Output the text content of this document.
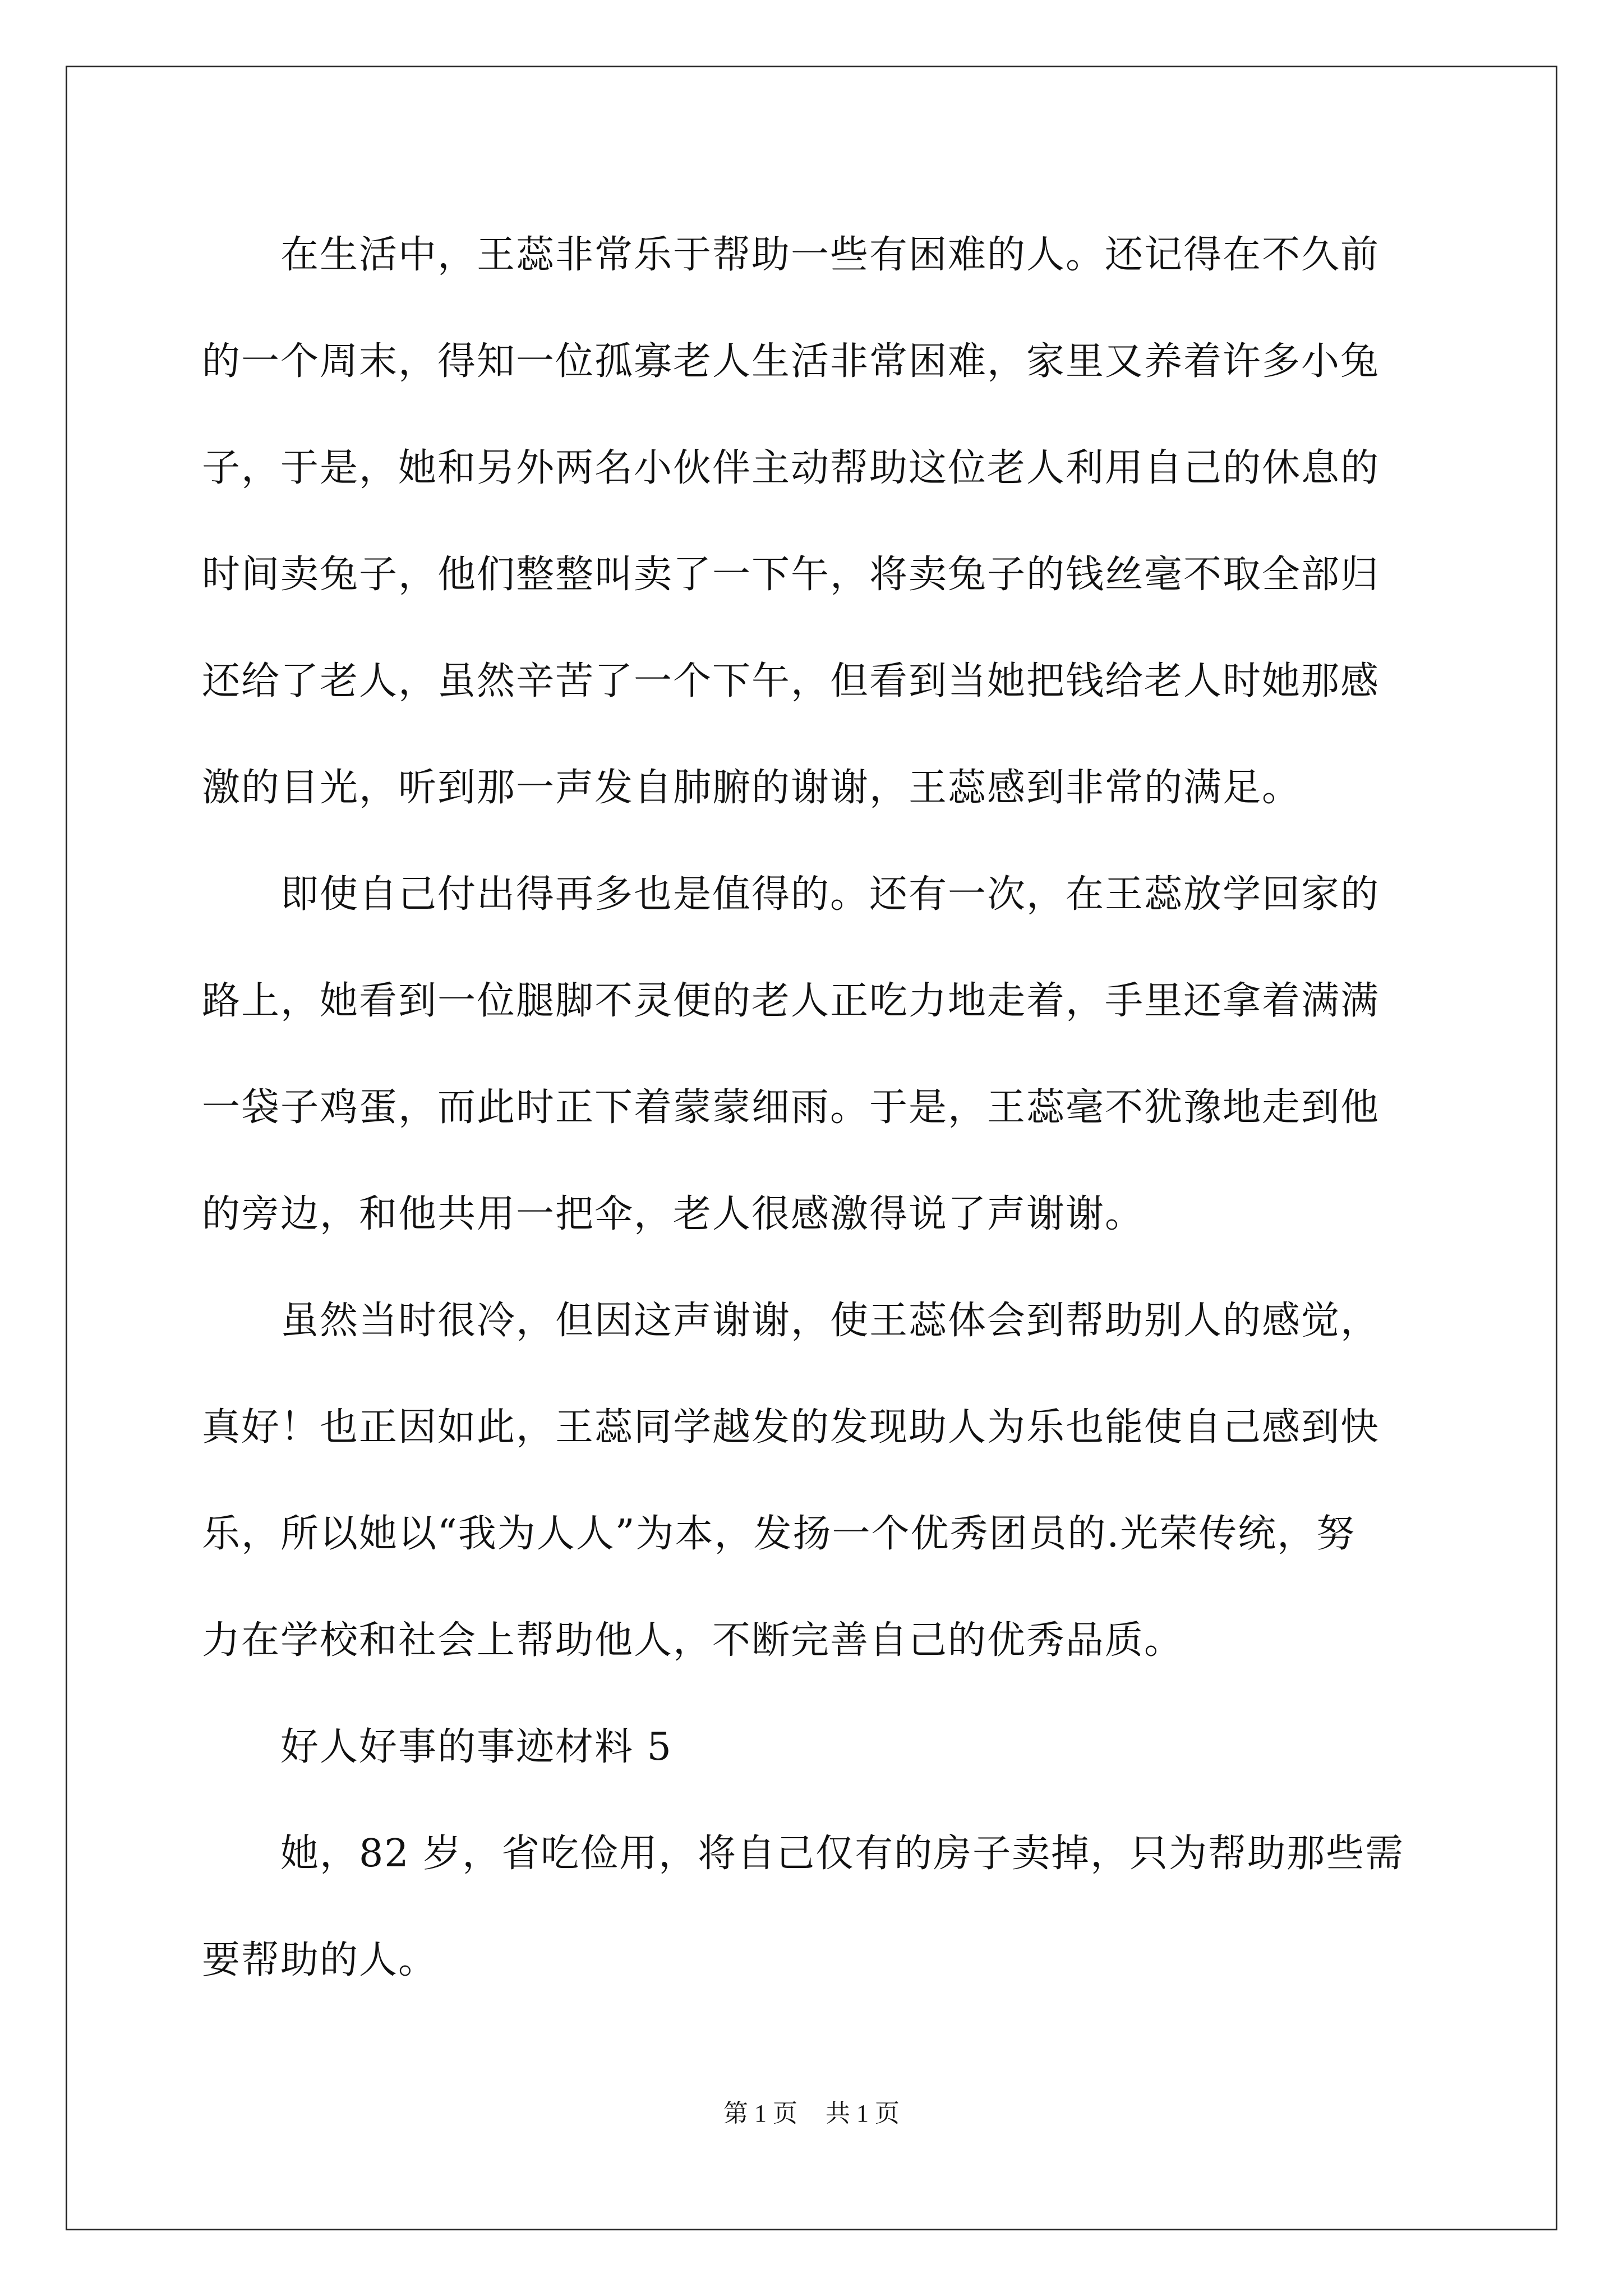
　　在生活中，王蕊非常乐于帮助一些有困难的人。还记得在不久前
的一个周末，得知一位孤寡老人生活非常困难，家里又养着许多小兔
子，于是，她和另外两名小伙伴主动帮助这位老人利用自己的休息的
时间卖兔子，他们整整叫卖了一下午，将卖兔子的钱丝毫不取全部归
还给了老人，虽然辛苦了一个下午，但看到当她把钱给老人时她那感
激的目光，听到那一声发自肺腑的谢谢，王蕊感到非常的满足。
　　即使自己付出得再多也是值得的。还有一次，在王蕊放学回家的
路上，她看到一位腿脚不灵便的老人正吃力地走着，手里还拿着满满
一袋子鸡蛋，而此时正下着蒙蒙细雨。于是，王蕊毫不犹豫地走到他
的旁边，和他共用一把伞，老人很感激得说了声谢谢。
　　虽然当时很冷，但因这声谢谢，使王蕊体会到帮助别人的感觉，
真好！也正因如此，王蕊同学越发的发现助人为乐也能使自己感到快
乐，所以她以“我为人人”为本，发扬一个优秀团员的.光荣传统，努
力在学校和社会上帮助他人，不断完善自己的优秀品质。
　　好人好事的事迹材料 5
　　她，82 岁，省吃俭用，将自己仅有的房子卖掉，只为帮助那些需
要帮助的人。
第 1 页 共 1 页
